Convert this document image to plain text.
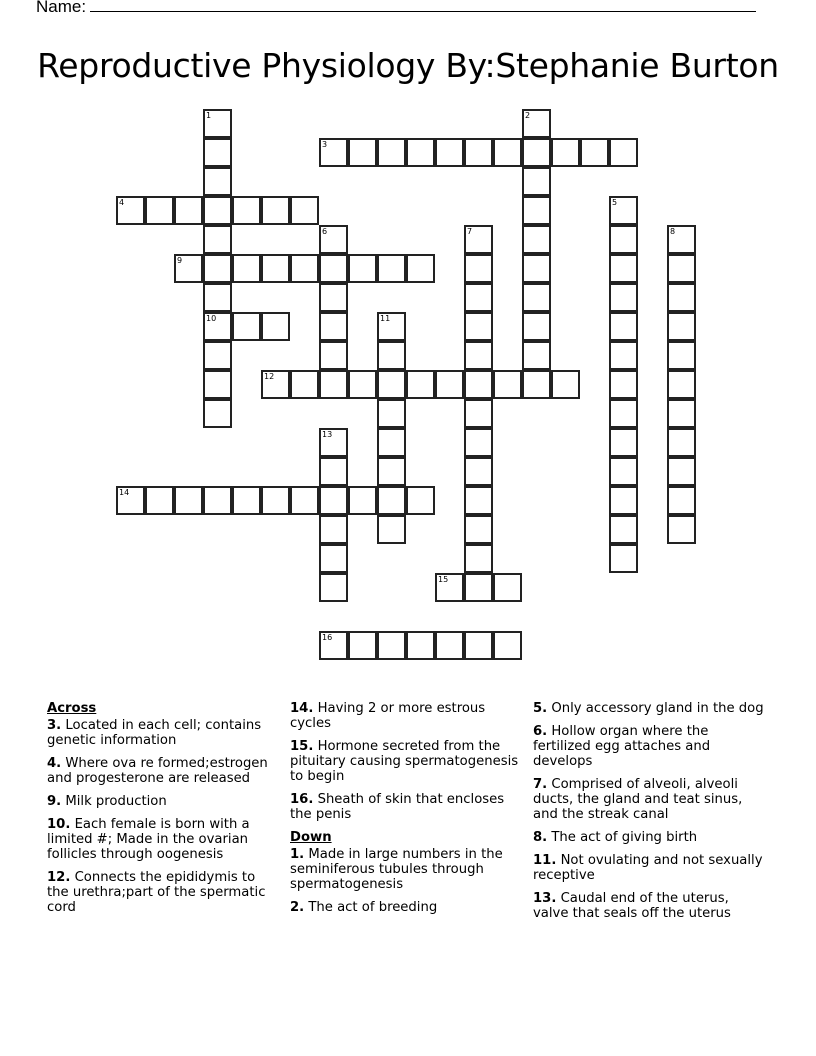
Name:
Reproductive Physiology By:Stephanie Burton
1
10
2
3
4	5
6	7	8
9
11
12
13
14
15
16
Across
3. Located in each cell; contains genetic information
4. Where ova re formed;estrogen and progesterone are released
9. Milk production
10. Each female is born with a limited #; Made in the ovarian follicles through oogenesis
12. Connects the epididymis to the urethra;part of the spermatic cord
14. Having 2 or more estrous cycles
15. Hormone secreted from the pituitary causing spermatogenesis to begin
16. Sheath of skin that encloses the penis
Down
1. Made in large numbers in the seminiferous tubules through spermatogenesis
2. The act of breeding
5. Only accessory gland in the dog
6. Hollow organ where the fertilized egg attaches and develops
7. Comprised of alveoli, alveoli ducts, the gland and teat sinus, and the streak canal
8. The act of giving birth
11. Not ovulating and not sexually receptive
13. Caudal end of the uterus, valve that seals off the uterus
